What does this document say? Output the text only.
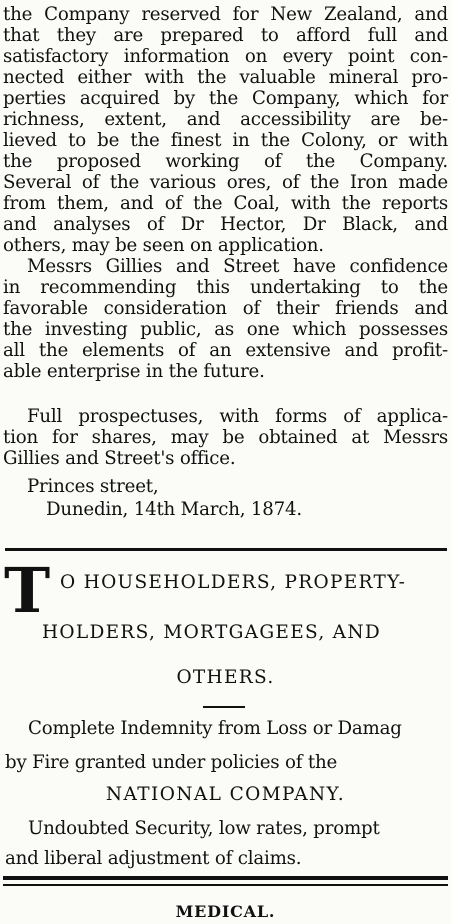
the Company reserved for New Zealand, and
that they are prepared to afford full and
satisfactory information on every point con-
nected either with the valuable mineral pro-
perties acquired by the Company, which for
richness, extent, and accessibility are be-
lieved to be the finest in the Colony, or with
the proposed working of the Company.
Several of the various ores, of the Iron made
from them, and of the Coal, with the reports
and analyses of Dr Hector, Dr Black, and
others, may be seen on application.
Messrs Gillies and Street have confidence
in recommending this undertaking to the
favorable consideration of their friends and
the investing public, as one which possesses
all the elements of an extensive and profit-
able enterprise in the future.
Full prospectuses, with forms of applica-
tion for shares, may be obtained at Messrs
Gillies and Street's office.
Princes street,
Dunedin, 14th March, 1874.
T O HOUSEHOLDERS, PROPERTY-
HOLDERS, MORTGAGEES, AND
OTHERS.
Complete Indemnity from Loss or Damag
by Fire granted under policies of the
NATIONAL COMPANY.
Undoubted Security, low rates, prompt
and liberal adjustment of claims.
MEDICAL.
